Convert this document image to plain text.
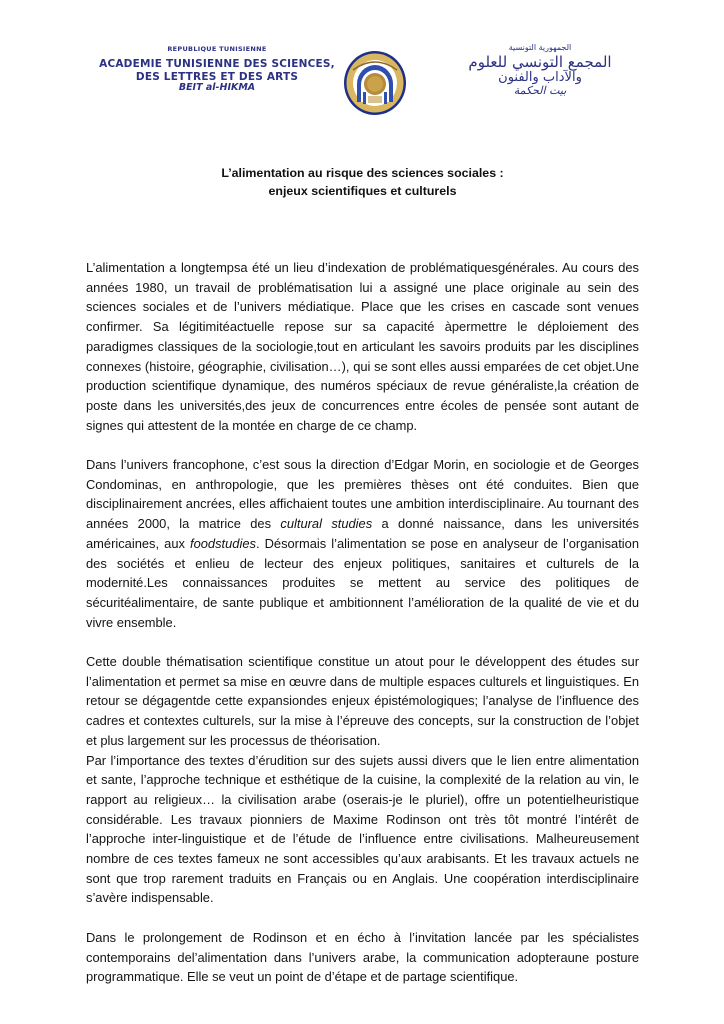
REPUBLIQUE TUNISIENNE
ACADEMIE TUNISIENNE DES SCIENCES,
DES LETTRES ET DES ARTS
BEIT al-HIKMA
الجمهورية التونسية
المجمع التونسي للعلوم
والآداب والفنون
بيت الحكمة
L’alimentation au risque des sciences sociales :
enjeux scientifiques et culturels

L’alimentation a longtempsa été un lieu d’indexation de problématiquesgénérales. Au cours des années 1980, un travail de problématisation lui a assigné une place originale au sein des sciences sociales et de l’univers médiatique. Place que les crises en cascade sont venues confirmer. Sa légitimitéactuelle repose sur sa capacité àpermettre le déploiement des paradigmes classiques de la sociologie,tout en articulant les savoirs produits par les disciplines connexes (histoire, géographie, civilisation…), qui se sont elles aussi emparées de cet objet.Une production scientifique dynamique, des numéros spéciaux de revue généraliste,la création de poste dans les universités,des jeux de concurrences entre écoles de pensée sont autant de signes qui attestent de la montée en charge de ce champ.

Dans l’univers francophone, c’est sous la direction d’Edgar Morin, en sociologie et de Georges Condominas, en anthropologie, que les premières thèses ont été conduites. Bien que disciplinairement ancrées, elles affichaient toutes une ambition interdisciplinaire. Au tournant des années 2000, la matrice des cultural studies a donné naissance, dans les universités américaines, aux foodstudies. Désormais l’alimentation se pose en analyseur de l’organisation des sociétés et enlieu de lecteur des enjeux politiques, sanitaires et culturels de la modernité.Les connaissances produites se mettent au service des politiques de sécuritéalimentaire, de sante publique et ambitionnent l’amélioration de la qualité de vie et du vivre ensemble.

Cette double thématisation scientifique constitue un atout pour le développent des études sur l’alimentation et permet sa mise en œuvre dans de multiple espaces culturels et linguistiques. En retour se dégagentde cette expansiondes enjeux épistémologiques; l’analyse de l’influence des cadres et contextes culturels, sur la mise à l’épreuve des concepts, sur la construction de l’objet et plus largement sur les processus de théorisation.

Par l’importance des textes d’érudition sur des sujets aussi divers que le lien entre alimentation et sante, l’approche technique et esthétique de la cuisine, la complexité de la relation au vin, le rapport au religieux… la civilisation arabe (oserais-je le pluriel), offre un potentielheuristique considérable. Les travaux pionniers de Maxime Rodinson ont très tôt montré l’intérêt de l’approche inter-linguistique et de l’étude de l’influence entre civilisations. Malheureusement nombre de ces textes fameux ne sont accessibles qu’aux arabisants. Et les travaux actuels ne sont que trop rarement traduits en Français ou en Anglais. Une coopération interdisciplinaire s’avère indispensable.

Dans le prolongement de Rodinson et en écho à l’invitation lancée par les spécialistes contemporains del’alimentation dans l’univers arabe, la communication adopteraune posture programmatique. Elle se veut un point de d’étape et de partage scientifique.
